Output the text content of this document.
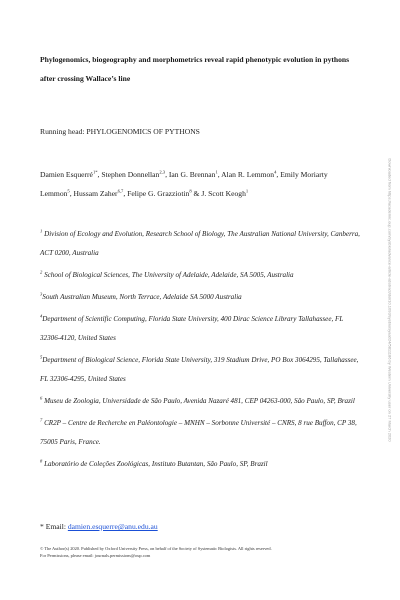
Phylogenomics, biogeography and morphometrics reveal rapid phenotypic evolution in pythons after crossing Wallace’s line
Running head: PHYLOGENOMICS OF PYTHONS
Damien Esquerré$^{1*}$, Stephen Donnellan$^{2,3}$, Ian G. Brennan$^1$, Alan R. Lemmon$^4$, Emily Moriarty Lemmon$^5$, Hussam Zaher$^{6,7}$, Felipe G. Grazziotin$^8$ & J. Scott Keogh$^1$

$^1$ Division of Ecology and Evolution, Research School of Biology, The Australian National University, Canberra, ACT 0200, Australia

$^2$ School of Biological Sciences, The University of Adelaide, Adelaide, SA 5005, Australia

$^3$South Australian Museum, North Terrace, Adelaide SA 5000 Australia

$^4$Department of Scientific Computing, Florida State University, 400 Dirac Science Library Tallahassee, FL 32306-4120, United States

$^5$Department of Biological Science, Florida State University, 319 Stadium Drive, PO Box 3064295, Tallahassee, FL 32306-4295, United States

$^6$ Museu de Zoologia, Universidade de São Paulo, Avenida Nazaré 481, CEP 04263-000, São Paulo, SP, Brazil

$^7$ CR2P – Centre de Recherche en Paléontologie – MNHN – Sorbonne Université – CNRS, 8 rue Buffon, CP 38, 75005 Paris, France.

$^8$ Laboratório de Coleções Zoológicas, Instituto Butantan, São Paulo, SP, Brazil

* Email: damien.esquerre@anu.edu.au
© The Author(s) 2020. Published by Oxford University Press, on behalf of the Society of Systematic Biologists. All rights reserved.
For Permissions, please email: journals.permissions@oup.com
Downloaded from https://academic.oup.com/sysbio/advance-article-abstract/doi/10.1093/sysbio/syaa024/5811186 by Western University user on 27 March 2020
